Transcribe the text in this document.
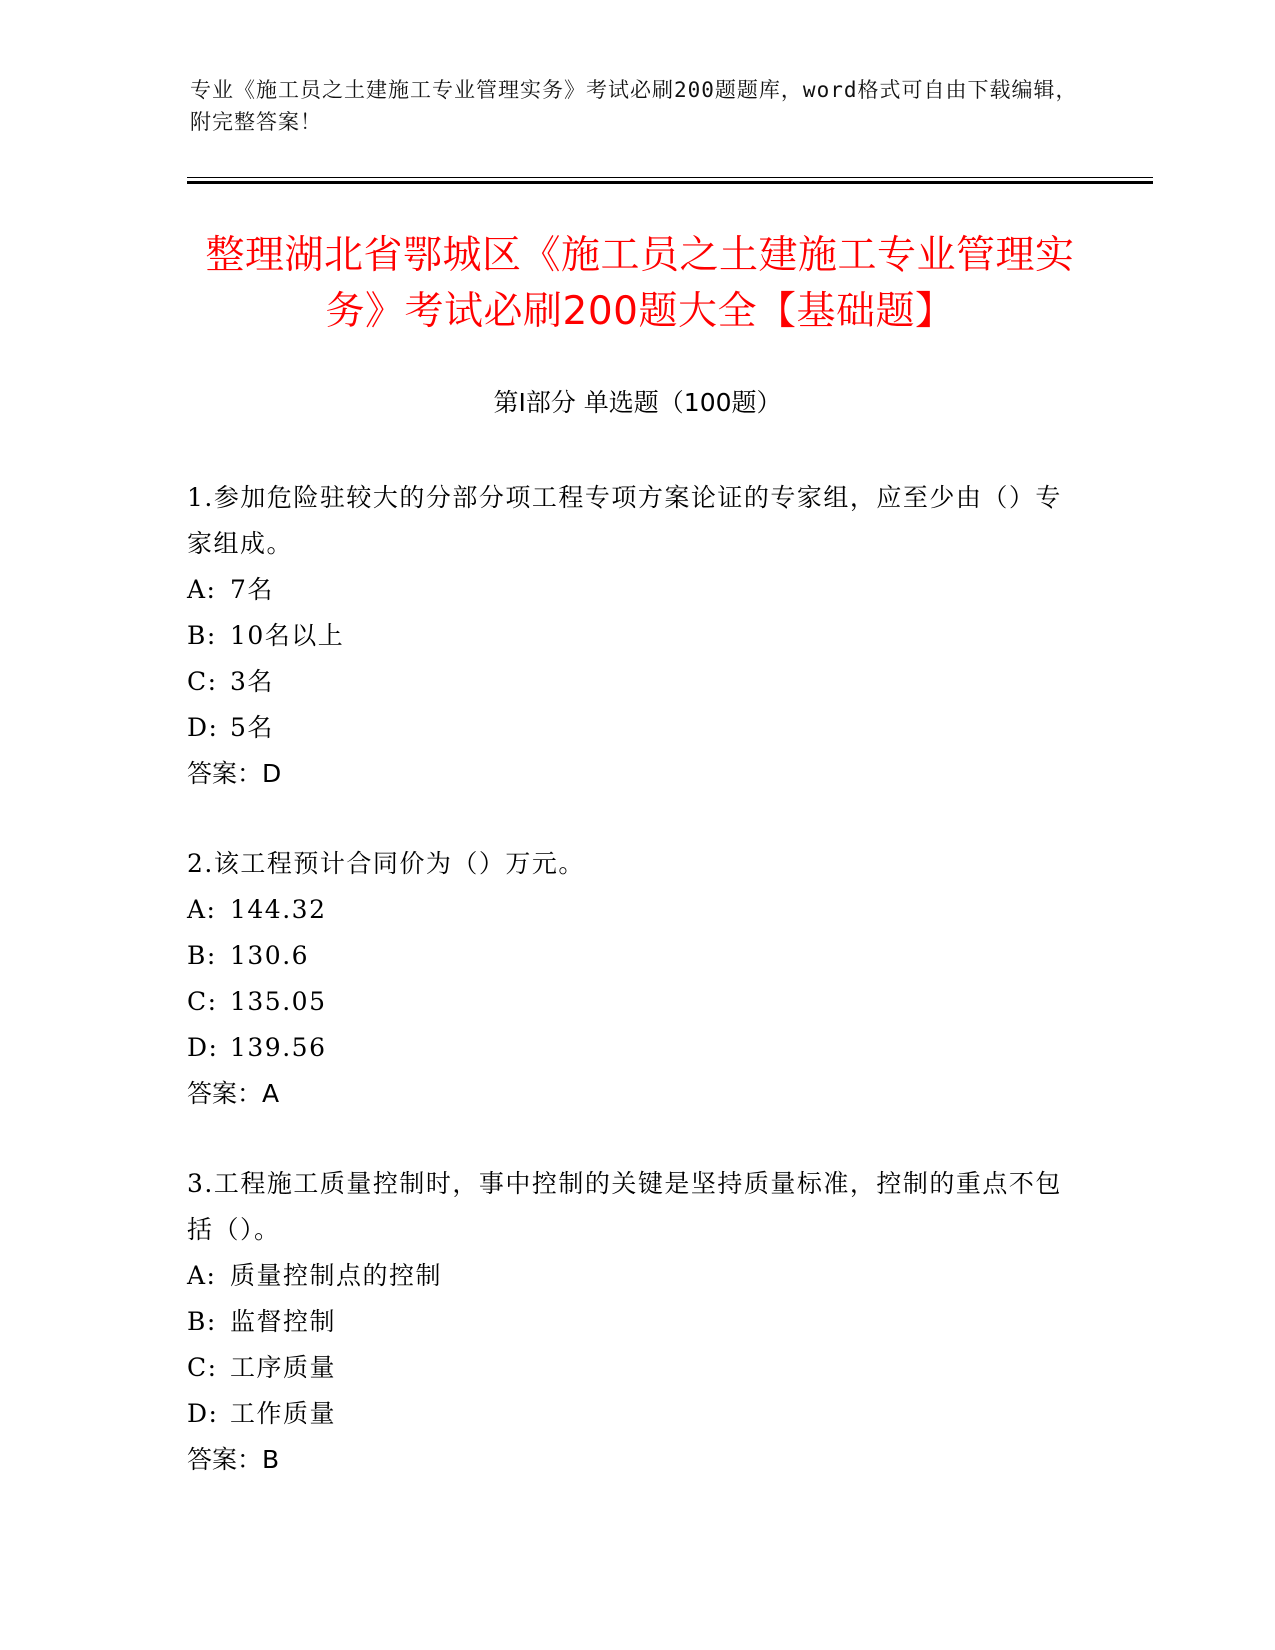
专业《施工员之土建施工专业管理实务》考试必刷200题题库，word格式可自由下载编辑，附完整答案！
整理湖北省鄂城区《施工员之土建施工专业管理实务》考试必刷200题大全【基础题】
第I部分 单选题（100题）

1.参加危险驻较大的分部分项工程专项方案论证的专家组，应至少由（）专家组成。

A: 7名

B: 10名以上

C: 3名

D: 5名

答案：D

2.该工程预计合同价为（）万元。

A: 144.32

B: 130.6

C: 135.05

D: 139.56

答案：A

3.工程施工质量控制时，事中控制的关键是坚持质量标准，控制的重点不包括（）。

A: 质量控制点的控制

B: 监督控制

C: 工序质量

D: 工作质量

答案：B
